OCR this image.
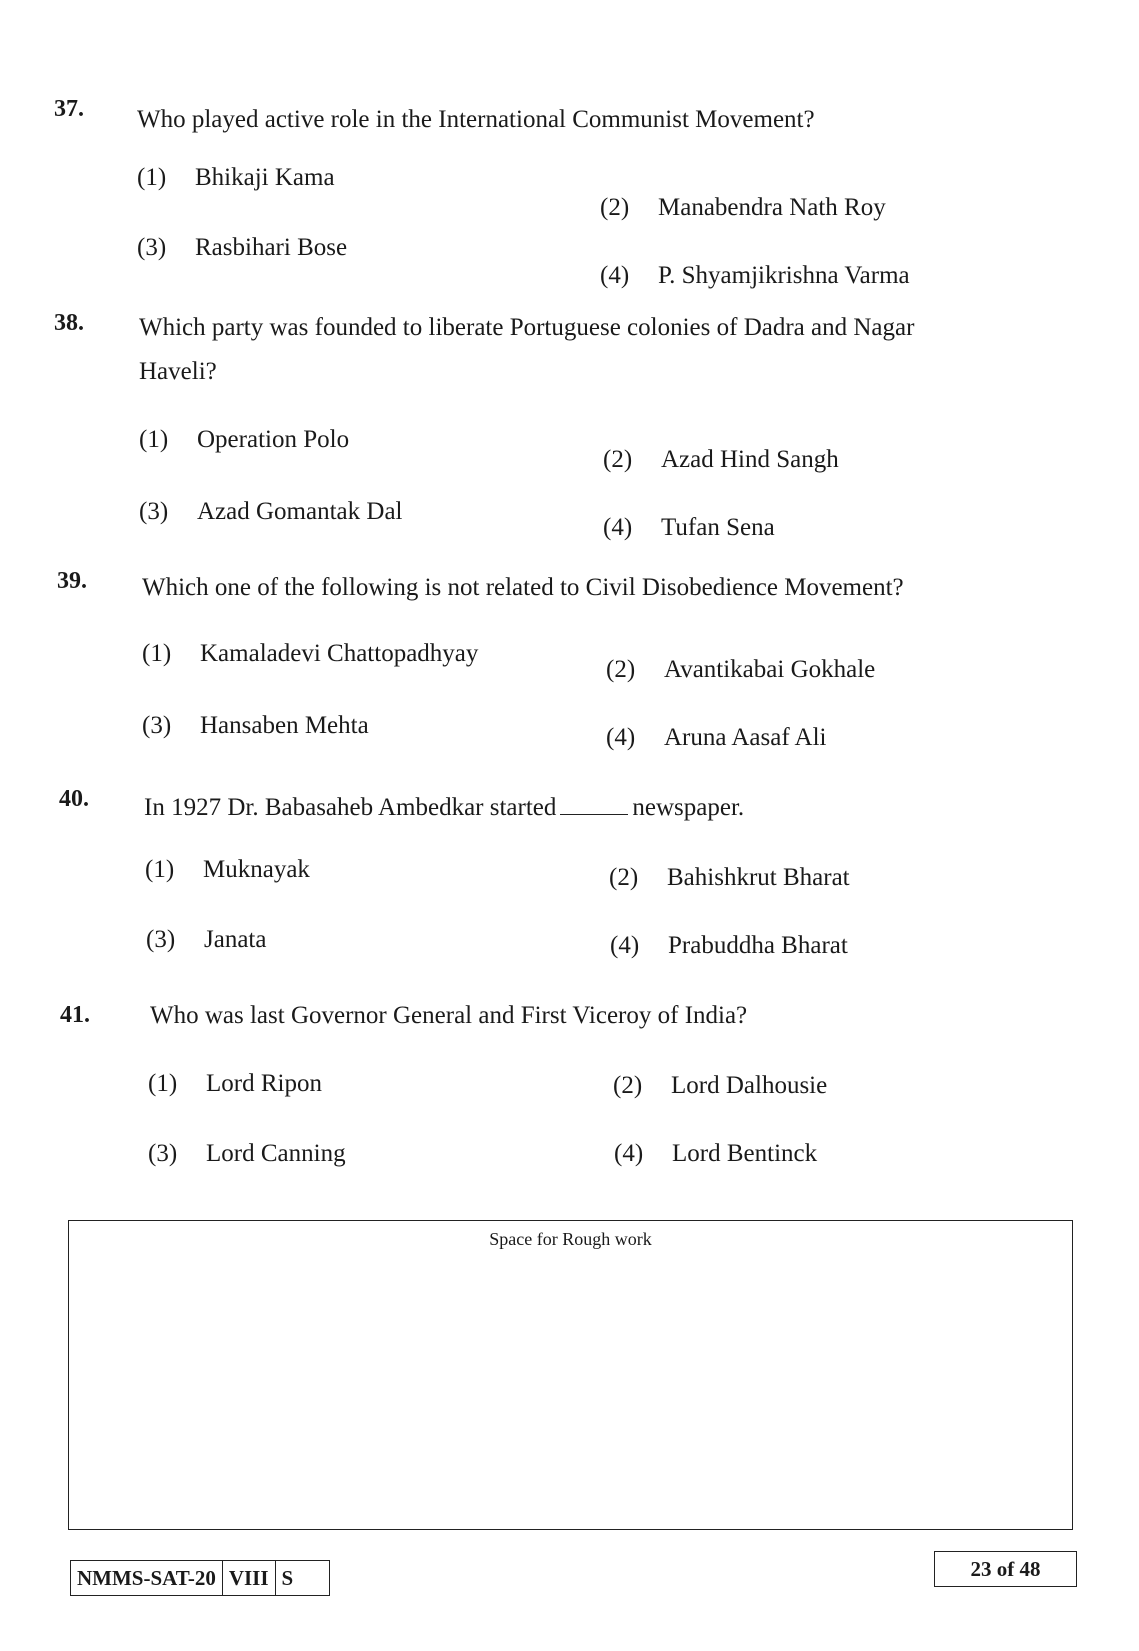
37. Who played active role in the International Communist Movement?
(1) Bhikaji Kama
(2) Manabendra Nath Roy
(3) Rasbihari Bose
(4) P. Shyamjikrishna Varma
38. Which party was founded to liberate Portuguese colonies of Dadra and Nagar Haveli?
(1) Operation Polo
(2) Azad Hind Sangh
(3) Azad Gomantak Dal
(4) Tufan Sena
39. Which one of the following is not related to Civil Disobedience Movement?
(1) Kamaladevi Chattopadhyay
(2) Avantikabai Gokhale
(3) Hansaben Mehta	(4) Aruna Aasaf Ali
40. In 1927 Dr. Babasaheb Ambedkar started	newspaper.
(1) Muknayak	(2) Bahishkrut Bharat
(3) Janata	(4) Prabuddha Bharat
41. Who was last Governor General and First Viceroy of India?
(1) Lord Ripon	(2) Lord Dalhousie
(3) Lord Canning	(4) Lord Bentinck
Space for Rough work
NMMS-SAT-20 VIII S	23 of 48
